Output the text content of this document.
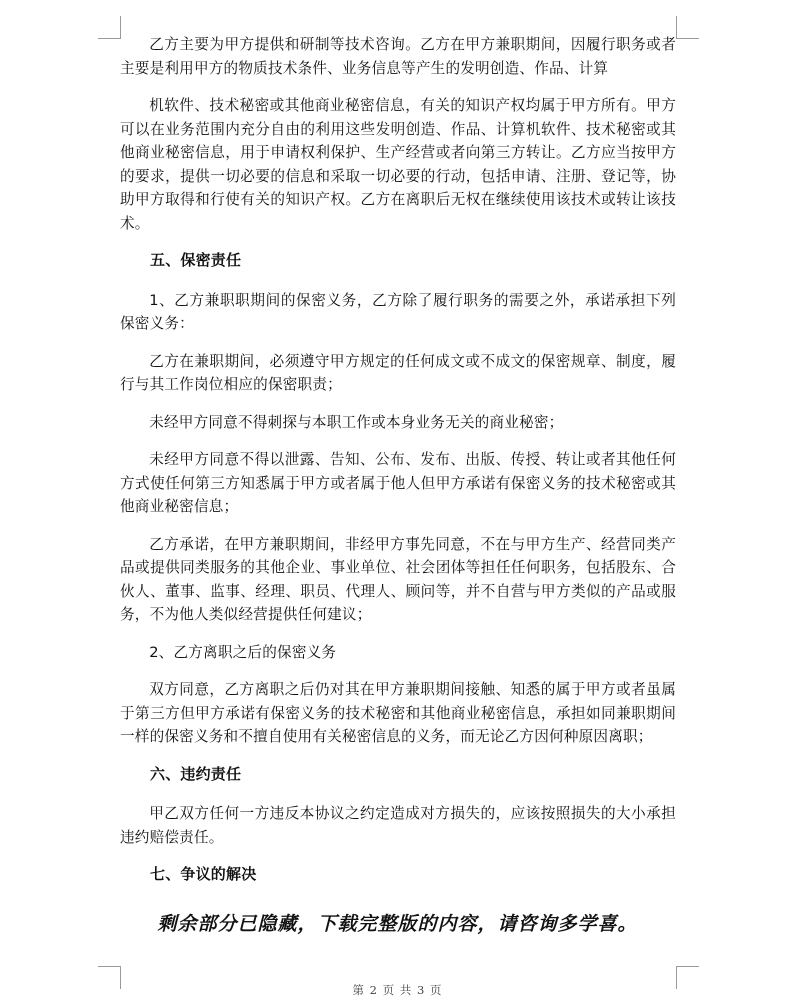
乙方主要为甲方提供和研制等技术咨询。乙方在甲方兼职期间，因履行职务或者主要是利用甲方的物质技术条件、业务信息等产生的发明创造、作品、计算

机软件、技术秘密或其他商业秘密信息，有关的知识产权均属于甲方所有。甲方可以在业务范围内充分自由的利用这些发明创造、作品、计算机软件、技术秘密或其他商业秘密信息，用于申请权利保护、生产经营或者向第三方转让。乙方应当按甲方的要求，提供一切必要的信息和采取一切必要的行动，包括申请、注册、登记等，协助甲方取得和行使有关的知识产权。乙方在离职后无权在继续使用该技术或转让该技术。

五、保密责任

1、乙方兼职职期间的保密义务，乙方除了履行职务的需要之外，承诺承担下列保密义务：

乙方在兼职期间，必须遵守甲方规定的任何成文或不成文的保密规章、制度，履行与其工作岗位相应的保密职责；

未经甲方同意不得刺探与本职工作或本身业务无关的商业秘密；

未经甲方同意不得以泄露、告知、公布、发布、出版、传授、转让或者其他任何方式使任何第三方知悉属于甲方或者属于他人但甲方承诺有保密义务的技术秘密或其他商业秘密信息；

乙方承诺，在甲方兼职期间，非经甲方事先同意，不在与甲方生产、经营同类产品或提供同类服务的其他企业、事业单位、社会团体等担任任何职务，包括股东、合伙人、董事、监事、经理、职员、代理人、顾问等，并不自营与甲方类似的产品或服务，不为他人类似经营提供任何建议；

2、乙方离职之后的保密义务

双方同意，乙方离职之后仍对其在甲方兼职期间接触、知悉的属于甲方或者虽属于第三方但甲方承诺有保密义务的技术秘密和其他商业秘密信息，承担如同兼职期间一样的保密义务和不擅自使用有关秘密信息的义务，而无论乙方因何种原因离职；

六、违约责任

甲乙双方任何一方违反本协议之约定造成对方损失的，应该按照损失的大小承担违约赔偿责任。

七、争议的解决

剩余部分已隐藏，下载完整版的内容，请咨询多学喜。
第 2 页 共 3 页
